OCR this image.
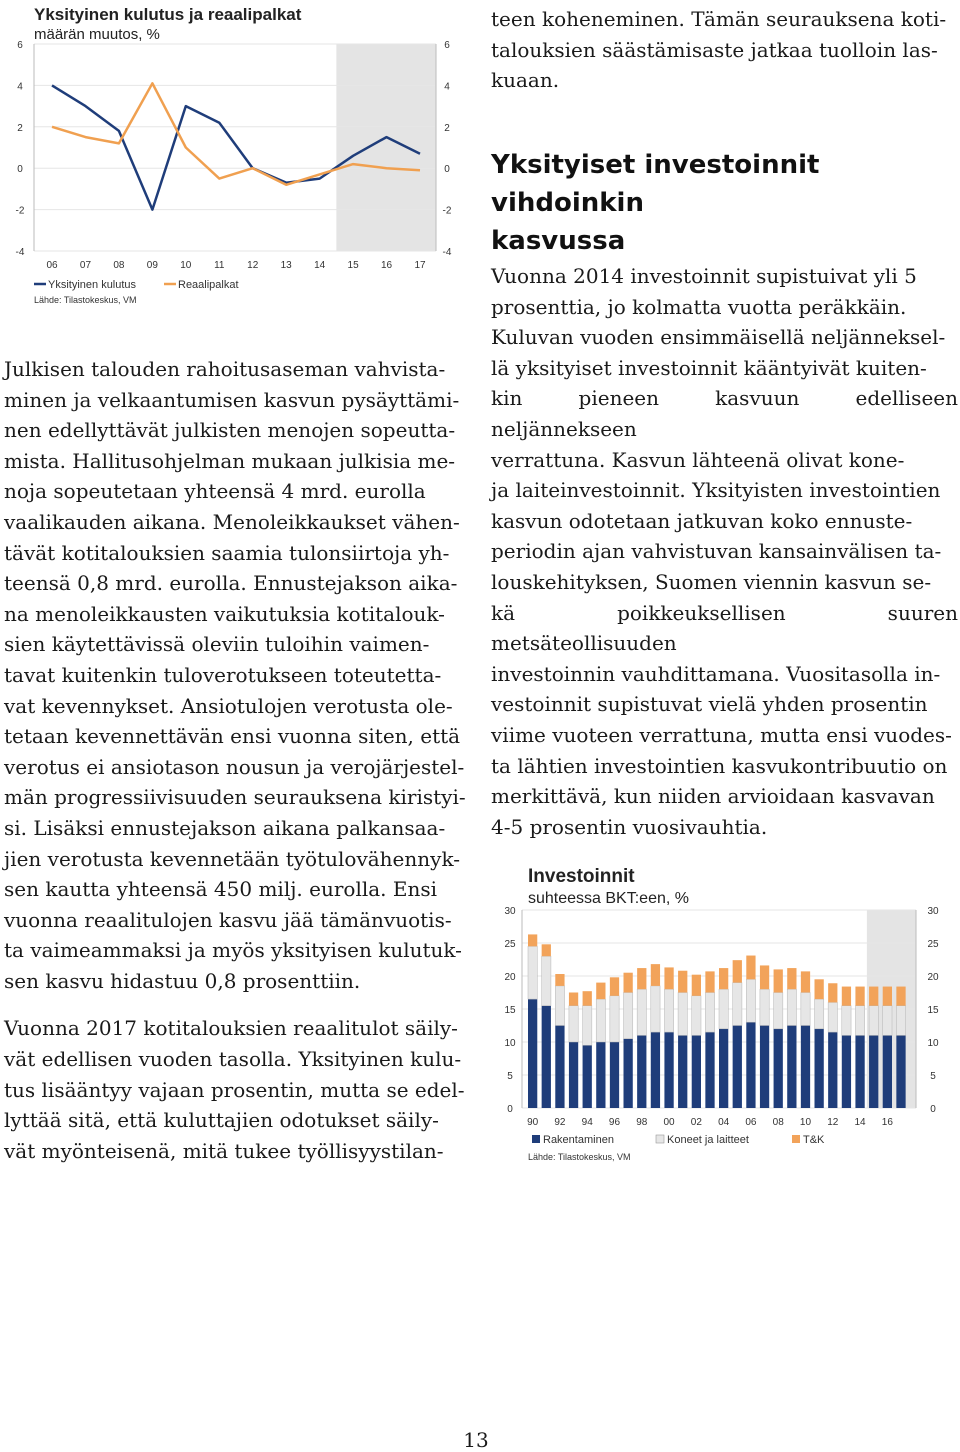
Yksityinen kulutus ja reaalipalkat
määrän muutos, %
6	6
4	4
2	2
0	0
-2	-2
-4	-4
06 07 08 09 10 11 12 13 14 15 16 17
Yksityinen kulutus	Reaalipalkat
Lähde: Tilastokeskus, VM

Julkisen talouden rahoitusaseman vahvista-
minen ja velkaantumisen kasvun pysäyttämi-
nen edellyttävät julkisten menojen sopeutta-
mista. Hallitusohjelman mukaan julkisia me-
noja sopeutetaan yhteensä 4 mrd. eurolla
vaalikauden aikana. Menoleikkaukset vähen-
tävät kotitalouksien saamia tulonsiirtoja yh-
teensä 0,8 mrd. eurolla. Ennustejakson aika-
na menoleikkausten vaikutuksia kotitalouk-
sien käytettävissä oleviin tuloihin vaimen-
tavat kuitenkin tuloverotukseen toteutetta-
vat kevennykset. Ansiotulojen verotusta ole-
tetaan kevennettävän ensi vuonna siten, että
verotus ei ansiotason nousun ja verojärjestel-
män progressiivisuuden seurauksena kiristyi-
si. Lisäksi ennustejakson aikana palkansaa-
jien verotusta kevennetään työtulovähennyk-
sen kautta yhteensä 450 milj. eurolla. Ensi
vuonna reaalitulojen kasvu jää tämänvuotis-
ta vaimeammaksi ja myös yksityisen kulutuk-
sen kasvu hidastuu 0,8 prosenttiin.

Vuonna 2017 kotitalouksien reaalitulot säily-
vät edellisen vuoden tasolla. Yksityinen kulu-
tus lisääntyy vajaan prosentin, mutta se edel-
lyttää sitä, että kuluttajien odotukset säily-
vät myönteisenä, mitä tukee työllisyystilan-

teen koheneminen. Tämän seurauksena koti-
talouksien säästämisaste jatkaa tuolloin las-
kuaan.

Yksityiset investoinnit vihdoinkin
kasvussa

Vuonna 2014 investoinnit supistuivat yli 5
prosenttia, jo kolmatta vuotta peräkkäin.
Kuluvan vuoden ensimmäisellä neljänneksel-
lä yksityiset investoinnit kääntyivät kuiten-
kin pieneen kasvuun edelliseen neljännekseen
verrattuna. Kasvun lähteenä olivat kone-
ja laiteinvestoinnit. Yksityisten investointien
kasvun odotetaan jatkuvan koko ennuste-
periodin ajan vahvistuvan kansainvälisen ta-
louskehityksen, Suomen viennin kasvun se-
kä poikkeuksellisen suuren metsäteollisuuden
investoinnin vauhdittamana. Vuositasolla in-
vestoinnit supistuvat vielä yhden prosentin
viime vuoteen verrattuna, mutta ensi vuodes-
ta lähtien investointien kasvukontribuutio on
merkittävä, kun niiden arvioidaan kasvavan
4-5 prosentin vuosivauhtia.

Investoinnit
suhteessa BKT:een, %
30	30
25	25
20	20
15	15
10	10
5	5
0	0
90 92 94 96 98 00 02 04 06 08 10 12 14 16
Rakentaminen	Koneet ja laitteet	T&K
Lähde: Tilastokeskus, VM
13
